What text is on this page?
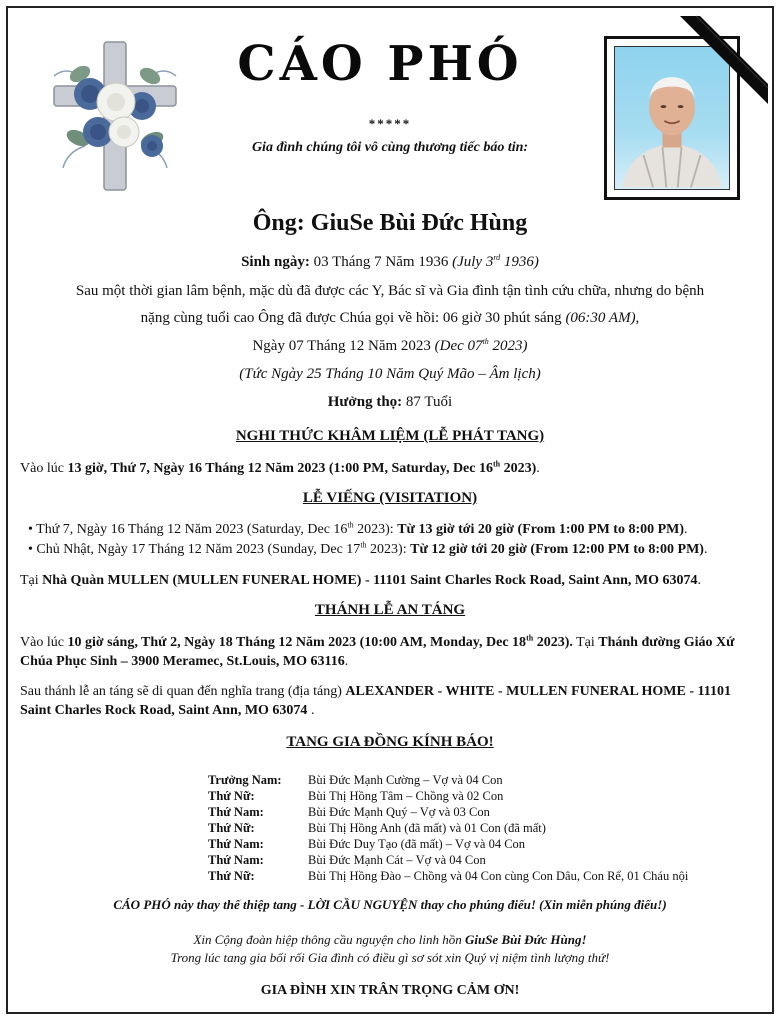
CÁO PHÓ
*****
Gia đình chúng tôi vô cùng thương tiếc báo tin:
Ông: GiuSe Bùi Đức Hùng
Sinh ngày: 03 Tháng 7 Năm 1936 (July 3rd 1936)
Sau một thời gian lâm bệnh, mặc dù đã được các Y, Bác sĩ và Gia đình tận tình cứu chữa, nhưng do bệnh
nặng cùng tuổi cao Ông đã được Chúa gọi về hồi: 06 giờ 30 phút sáng (06:30 AM),
Ngày 07 Tháng 12 Năm 2023 (Dec 07th 2023)
(Tức Ngày 25 Tháng 10 Năm Quý Mão – Âm lịch)
Hưởng thọ: 87 Tuổi
NGHI THỨC KHÂM LIỆM (LỄ PHÁT TANG)
Vào lúc 13 giờ, Thứ 7, Ngày 16 Tháng 12 Năm 2023 (1:00 PM, Saturday, Dec 16th 2023).
LỄ VIẾNG (VISITATION)
• Thứ 7, Ngày 16 Tháng 12 Năm 2023 (Saturday, Dec 16th 2023): Từ 13 giờ tới 20 giờ (From 1:00 PM to 8:00 PM).
• Chủ Nhật, Ngày 17 Tháng 12 Năm 2023 (Sunday, Dec 17th 2023): Từ 12 giờ tới 20 giờ (From 12:00 PM to 8:00 PM).
Tại Nhà Quàn MULLEN (MULLEN FUNERAL HOME) - 11101 Saint Charles Rock Road, Saint Ann, MO 63074.
THÁNH LỄ AN TÁNG
Vào lúc 10 giờ sáng, Thứ 2, Ngày 18 Tháng 12 Năm 2023 (10:00 AM, Monday, Dec 18th 2023). Tại Thánh đường Giáo Xứ
Chúa Phục Sinh – 3900 Meramec, St.Louis, MO 63116.
Sau thánh lễ an táng sẽ di quan đến nghĩa trang (địa táng) ALEXANDER - WHITE - MULLEN FUNERAL HOME - 11101
Saint Charles Rock Road, Saint Ann, MO 63074 .
TANG GIA ĐỒNG KÍNH BÁO!
Trưởng Nam:	Bùi Đức Mạnh Cường – Vợ và 04 Con
Thứ Nữ:	Bùi Thị Hồng Tâm – Chồng và 02 Con
Thứ Nam:	Bùi Đức Mạnh Quý – Vợ và 03 Con
Thứ Nữ:	Bùi Thị Hồng Anh (đã mất) và 01 Con (đã mất)
Thứ Nam:	Bùi Đức Duy Tạo (đã mất) – Vợ và 04 Con
Thứ Nam:	Bùi Đức Mạnh Cát – Vợ và 04 Con
Thứ Nữ:	Bùi Thị Hồng Đào – Chồng và 04 Con cùng Con Dâu, Con Rể, 01 Cháu nội
CÁO PHÓ này thay thế thiệp tang - LỜI CẦU NGUYỆN thay cho phúng điếu! (Xin miễn phúng điếu!)
Xin Cộng đoàn hiệp thông cầu nguyện cho linh hồn GiuSe Bùi Đức Hùng!
Trong lúc tang gia bối rối Gia đình có điều gì sơ sót xin Quý vị niệm tình lượng thứ!
GIA ĐÌNH XIN TRÂN TRỌNG CẢM ƠN!
